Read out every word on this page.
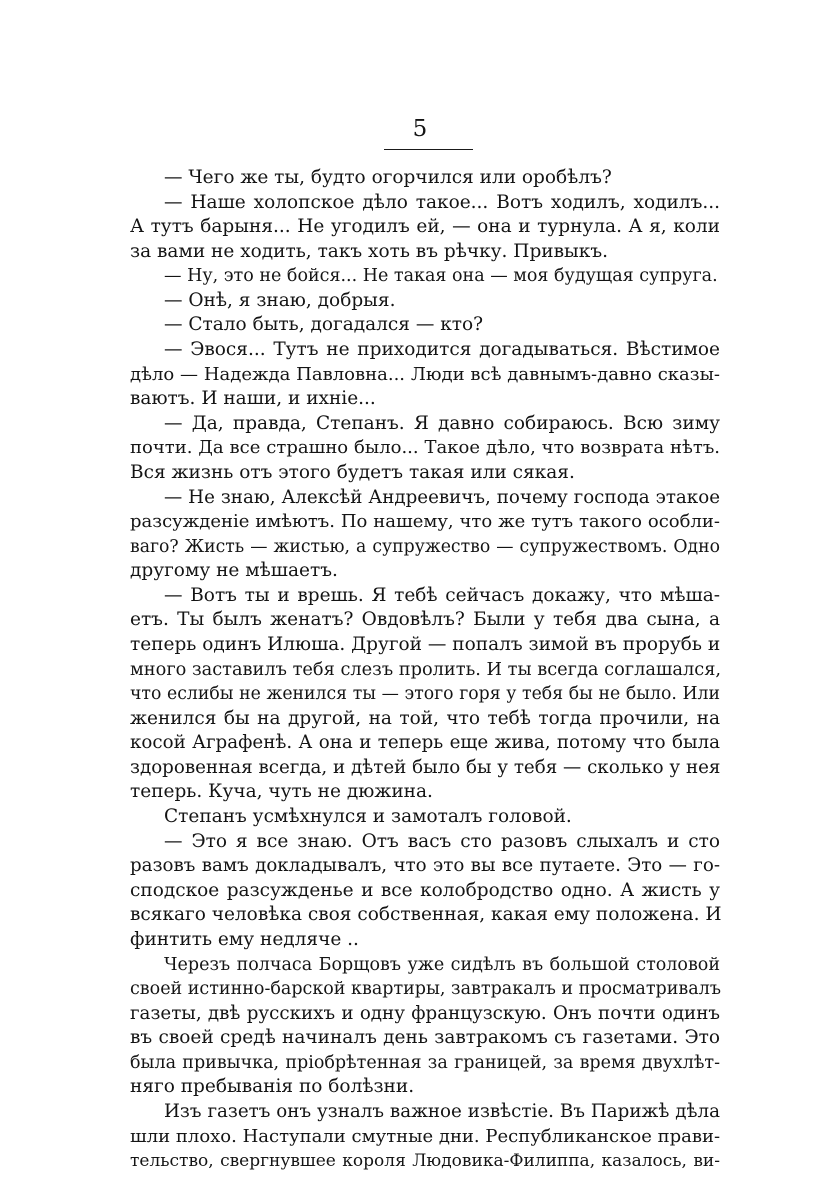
5
— Чего же ты, будто огорчился или оробѣлъ?
— Наше холопское дѣло такое... Вотъ ходилъ, ходилъ...
А тутъ барыня... Не угодилъ ей, — она и турнула. А я, коли
за вами не ходить, такъ хоть въ рѣчку. Привыкъ.
— Ну, это не бойся... Не такая она — моя будущая супруга.
— Онѣ, я знаю, добрыя.
— Стало быть, догадался — кто?
— Эвося... Тутъ не приходится догадываться. Вѣстимое
дѣло — Надежда Павловна... Люди всѣ давнымъ-давно сказы-
ваютъ. И наши, и ихніе...
— Да, правда, Степанъ. Я давно собираюсь. Всю зиму
почти. Да все страшно было... Такое дѣло, что возврата нѣтъ.
Вся жизнь отъ этого будетъ такая или сякая.
— Не знаю, Алексѣй Андреевичъ, почему господа этакое
разсужденіе имѣютъ. По нашему, что же тутъ такого особли-
ваго? Жисть — жистью, а супружество — супружествомъ. Одно
другому не мѣшаетъ.
— Вотъ ты и врешь. Я тебѣ сейчасъ докажу, что мѣша-
етъ. Ты былъ женатъ? Овдовѣлъ? Были у тебя два сына, а
теперь одинъ Илюша. Другой — попалъ зимой въ прорубь и
много заставилъ тебя слезъ пролить. И ты всегда соглашался,
что еслибы не женился ты — этого горя у тебя бы не было. Или
женился бы на другой, на той, что тебѣ тогда прочили, на
косой Аграфенѣ. А она и теперь еще жива, потому что была
здоровенная всегда, и дѣтей было бы у тебя — сколько у нея
теперь. Куча, чуть не дюжина.
Степанъ усмѣхнулся и замоталъ головой.
— Это я все знаю. Отъ васъ сто разовъ слыхалъ и сто
разовъ вамъ докладывалъ, что это вы все путаете. Это — го-
сподское разсужденье и все колобродство одно. А жисть у
всякаго человѣка своя собственная, какая ему положена. И
финтить ему недляче ..
Черезъ полчаса Борщовъ уже сидѣлъ въ большой столовой
своей истинно-барской квартиры, завтракалъ и просматривалъ
газеты, двѣ русскихъ и одну французскую. Онъ почти одинъ
въ своей средѣ начиналъ день завтракомъ съ газетами. Это
была привычка, пріобрѣтенная за границей, за время двухлѣт-
няго пребыванія по болѣзни.
Изъ газетъ онъ узналъ важное извѣстіе. Въ Парижѣ дѣла
шли плохо. Наступали смутные дни. Республиканское прави-
тельство, свергнувшее короля Людовика-Филиппа, казалось, ви-
